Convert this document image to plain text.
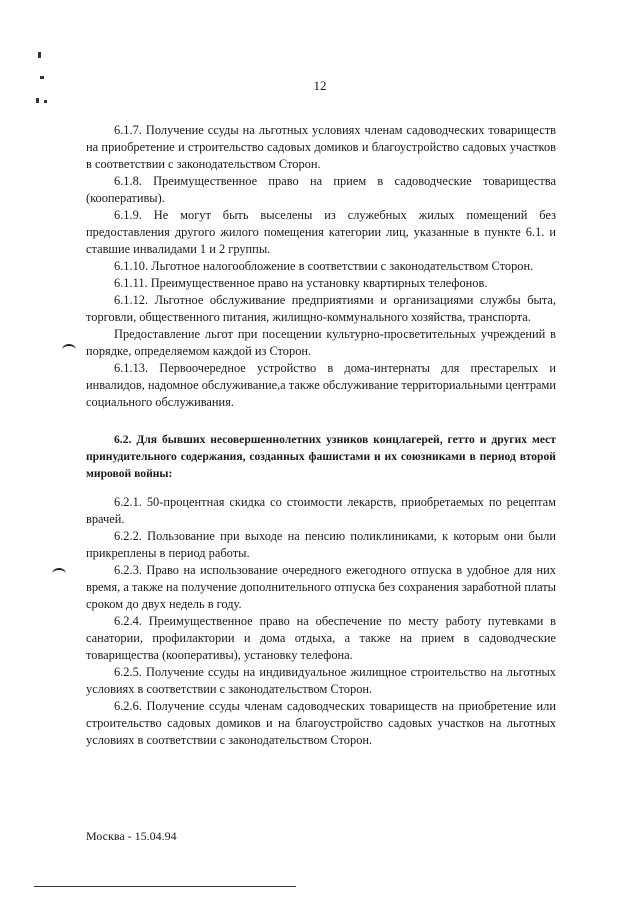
12

6.1.7. Получение ссуды на льготных условиях членам садоводческих товариществ на приобретение и строительство садовых домиков и благоустройство садовых участков в соответствии с законодательством Сторон.

6.1.8. Преимущественное право на прием в садоводческие товарищества (кооперативы).

6.1.9. Не могут быть выселены из служебных жилых помещений без предоставления другого жилого помещения категории лиц, указанные в пункте 6.1. и ставшие инвалидами 1 и 2 группы.

6.1.10. Льготное налогообложение в соответствии с законодательством Сторон.

6.1.11. Преимущественное право на установку квартирных телефонов.

6.1.12. Льготное обслуживание предприятиями и организациями службы быта, торговли, общественного питания, жилищно-коммунального хозяйства, транспорта.

Предоставление льгот при посещении культурно-просветительных учреждений в порядке, определяемом каждой из Сторон.

6.1.13. Первоочередное устройство в дома-интернаты для престарелых и инвалидов, надомное обслуживание,а также обслуживание территориальными центрами социального обслуживания.

6.2. Для бывших несовершеннолетних узников концлагерей, гетто и других мест принудительного содержания, созданных фашистами и их союзниками в период второй мировой войны:

6.2.1. 50-процентная скидка со стоимости лекарств, приобретаемых по рецептам врачей.

6.2.2. Пользование при выходе на пенсию поликлиниками, к которым они были прикреплены в период работы.

6.2.3. Право на использование очередного ежегодного отпуска в удобное для них время, а также на получение дополнительного отпуска без сохранения заработной платы сроком до двух недель в году.

6.2.4. Преимущественное право на обеспечение по месту работу путевками в санатории, профилактории и дома отдыха, а также на прием в садоводческие товарищества (кооперативы), установку телефона.

6.2.5. Получение ссуды на индивидуальное жилищное строительство на льготных условиях в соответствии с законодательством Сторон.

6.2.6. Получение ссуды членам садоводческих товариществ на приобретение или строительство садовых домиков и на благоустройство садовых участков на льготных условиях в соответствии с законодательством Сторон.

Москва - 15.04.94
